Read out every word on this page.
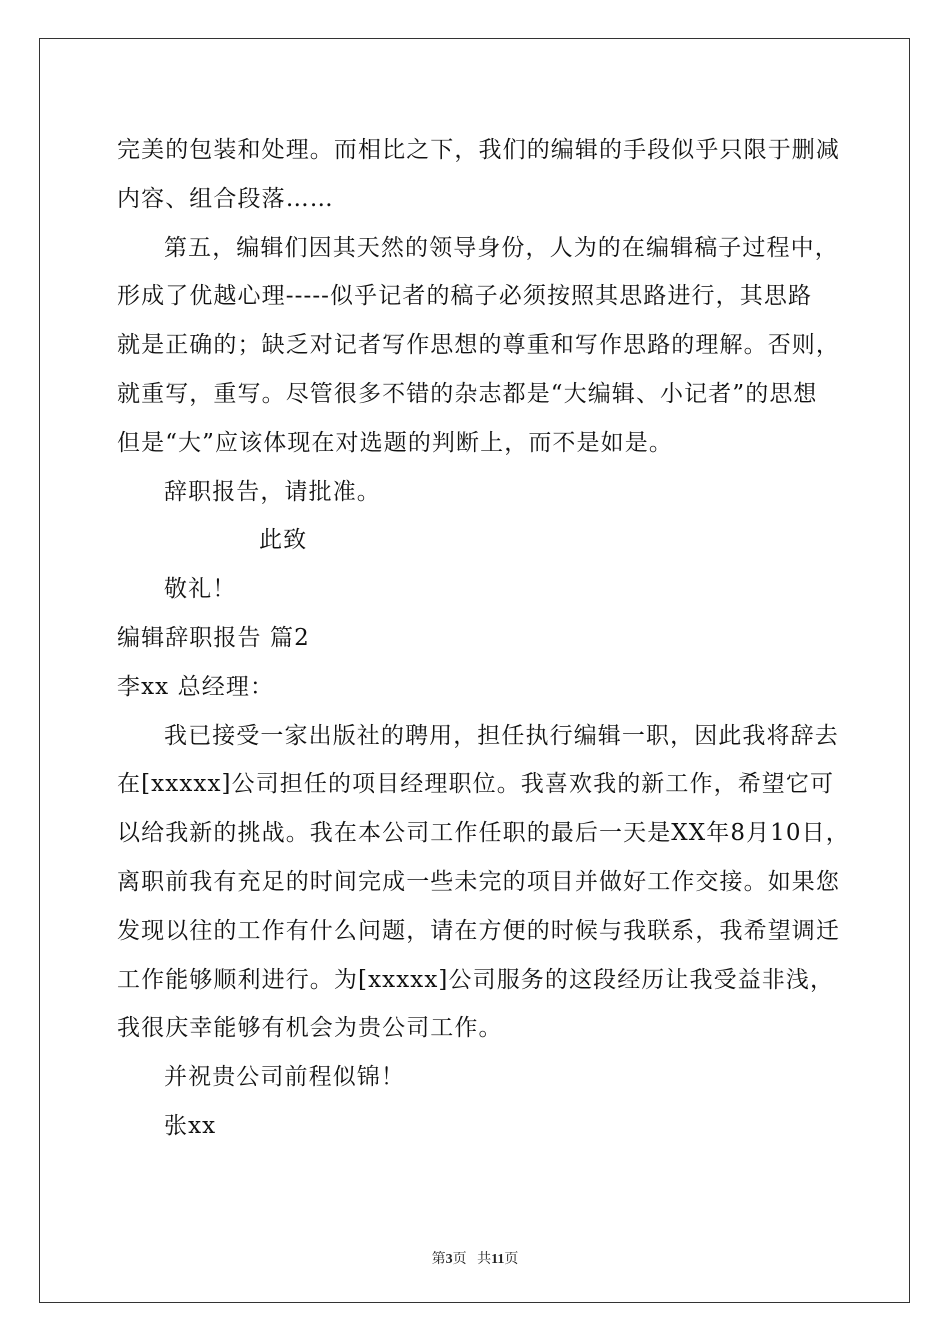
完美的包装和处理。而相比之下，我们的编辑的手段似乎只限于删减
内容、组合段落……
第五，编辑们因其天然的领导身份，人为的在编辑稿子过程中，
形成了优越心理-----似乎记者的稿子必须按照其思路进行，其思路
就是正确的；缺乏对记者写作思想的尊重和写作思路的理解。否则，
就重写，重写。尽管很多不错的杂志都是“大编辑、小记者”的思想
但是“大”应该体现在对选题的判断上，而不是如是。
辞职报告，请批准。
此致
敬礼！
编辑辞职报告 篇2
李xx 总经理：
我已接受一家出版社的聘用，担任执行编辑一职，因此我将辞去
在[xxxxx]公司担任的项目经理职位。我喜欢我的新工作，希望它可
以给我新的挑战。我在本公司工作任职的最后一天是XX年8月10日，
离职前我有充足的时间完成一些未完的项目并做好工作交接。如果您
发现以往的工作有什么问题，请在方便的时候与我联系，我希望调迁
工作能够顺利进行。为[xxxxx]公司服务的这段经历让我受益非浅，
我很庆幸能够有机会为贵公司工作。
并祝贵公司前程似锦！
张xx
第3页 共11页
